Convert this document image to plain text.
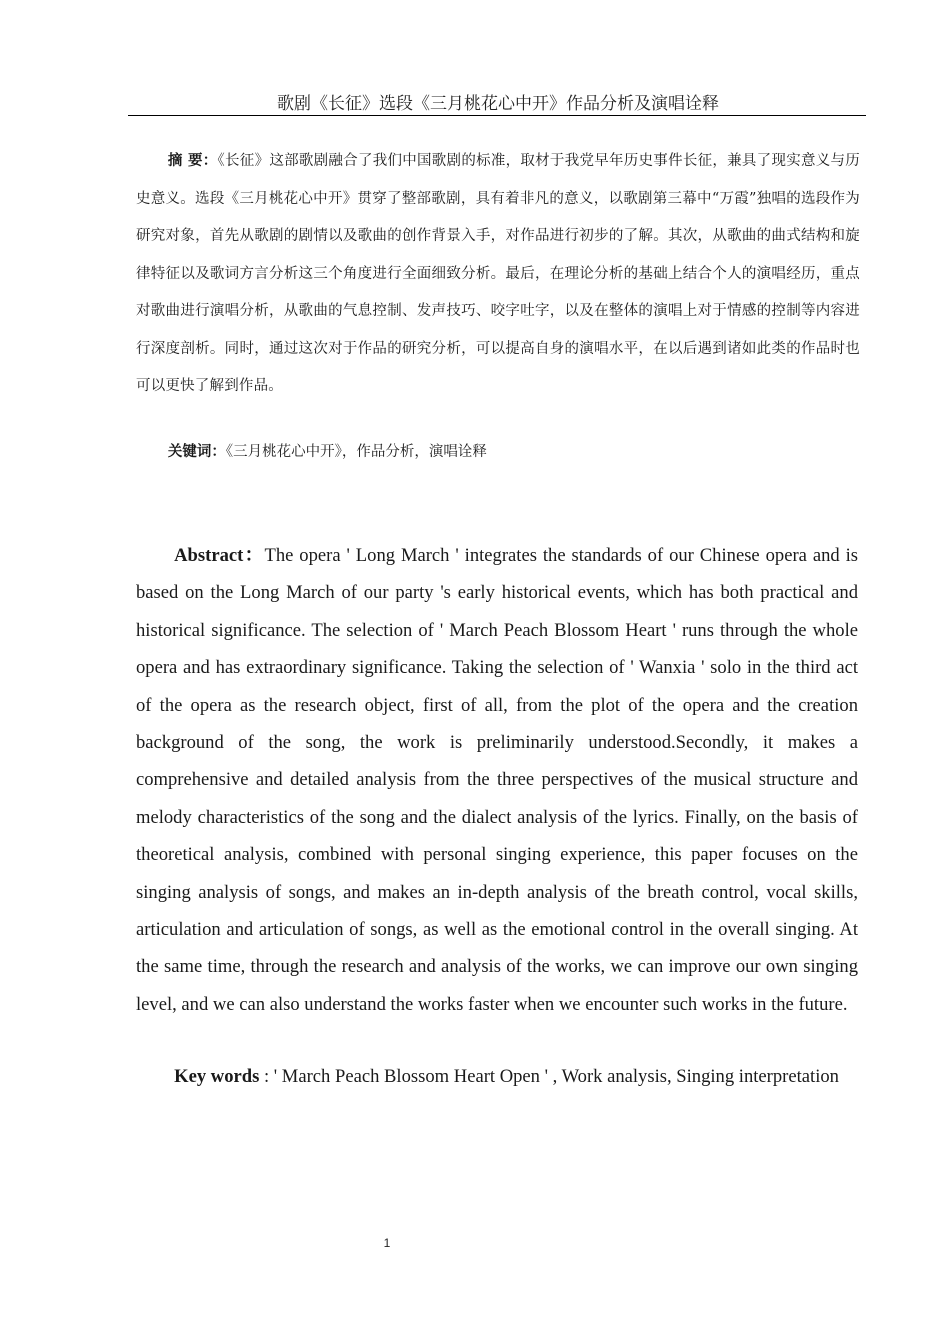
歌剧《长征》选段《三月桃花心中开》作品分析及演唱诠释

摘 要：《长征》这部歌剧融合了我们中国歌剧的标准，取材于我党早年历史事件长征，兼具了现实意义与历史意义。选段《三月桃花心中开》贯穿了整部歌剧，具有着非凡的意义，以歌剧第三幕中“万霞”独唱的选段作为研究对象，首先从歌剧的剧情以及歌曲的创作背景入手，对作品进行初步的了解。其次，从歌曲的曲式结构和旋律特征以及歌词方言分析这三个角度进行全面细致分析。最后，在理论分析的基础上结合个人的演唱经历，重点对歌曲进行演唱分析，从歌曲的气息控制、发声技巧、咬字吐字，以及在整体的演唱上对于情感的控制等内容进行深度剖析。同时，通过这次对于作品的研究分析，可以提高自身的演唱水平，在以后遇到诸如此类的作品时也可以更快了解到作品。

关键词：《三月桃花心中开》，作品分析，演唱诠释

Abstract：The opera ' Long March ' integrates the standards of our Chinese opera and is based on the Long March of our party 's early historical events, which has both practical and historical significance. The selection of ' March Peach Blossom Heart ' runs through the whole opera and has extraordinary significance. Taking the selection of ' Wanxia ' solo in the third act of the opera as the research object, first of all, from the plot of the opera and the creation background of the song, the work is preliminarily understood.Secondly, it makes a comprehensive and detailed analysis from the three perspectives of the musical structure and melody characteristics of the song and the dialect analysis of the lyrics. Finally, on the basis of theoretical analysis, combined with personal singing experience, this paper focuses on the singing analysis of songs, and makes an in-depth analysis of the breath control, vocal skills, articulation and articulation of songs, as well as the emotional control in the overall singing. At the same time, through the research and analysis of the works, we can improve our own singing level, and we can also understand the works faster when we encounter such works in the future.

Key words : ' March Peach Blossom Heart Open ' , Work analysis, Singing interpretation

1
